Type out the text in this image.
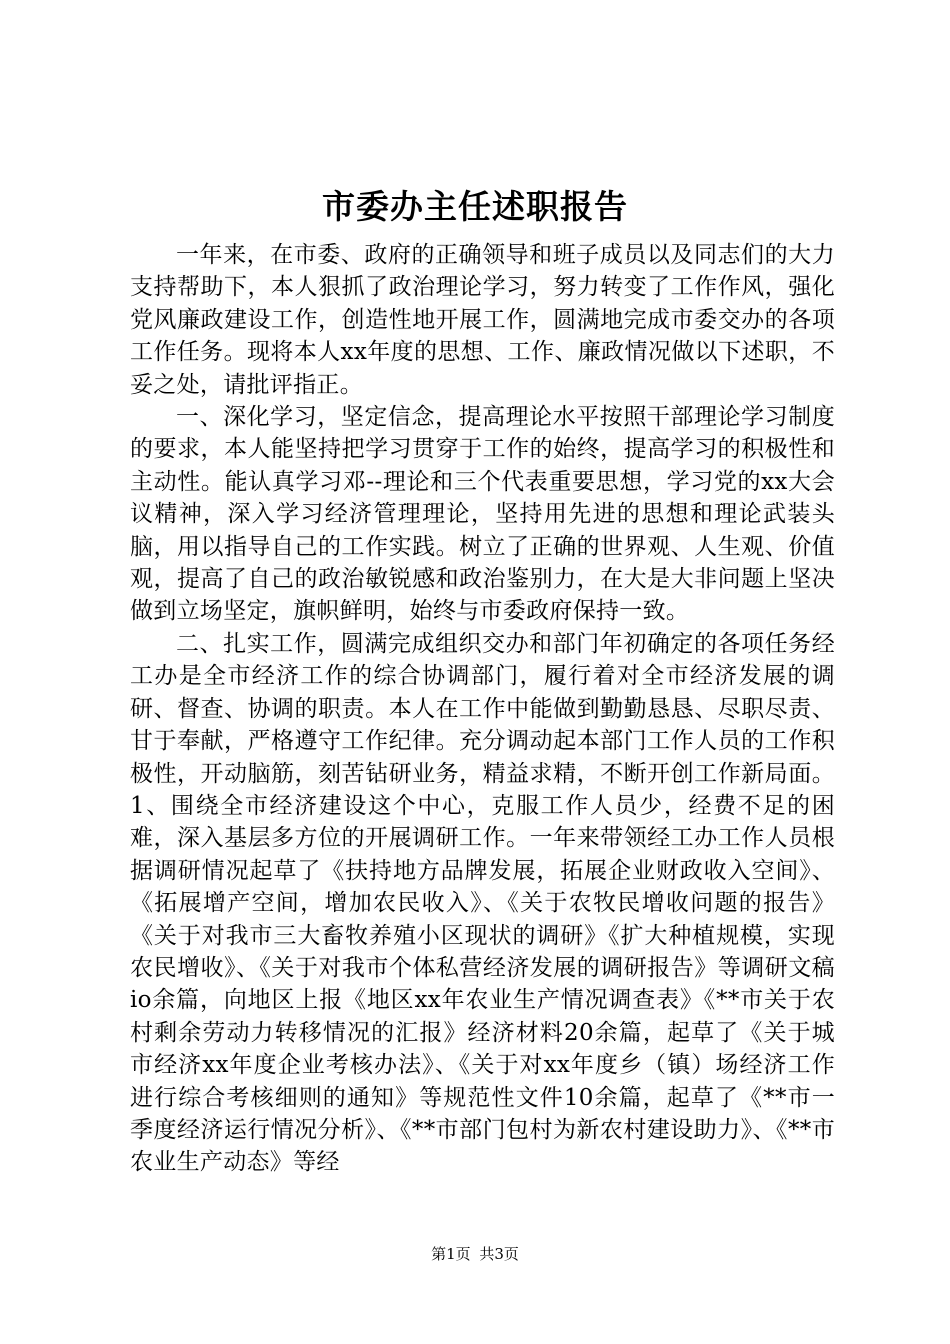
市委办主任述职报告

一年来，在市委、政府的正确领导和班子成员以及同志们的大力支持帮助下，本人狠抓了政治理论学习，努力转变了工作作风，强化党风廉政建设工作，创造性地开展工作，圆满地完成市委交办的各项工作任务。现将本人xx年度的思想、工作、廉政情况做以下述职，不妥之处，请批评指正。

一、深化学习，坚定信念，提高理论水平按照干部理论学习制度的要求，本人能坚持把学习贯穿于工作的始终，提高学习的积极性和主动性。能认真学习邓--理论和三个代表重要思想，学习党的xx大会议精神，深入学习经济管理理论，坚持用先进的思想和理论武装头脑，用以指导自己的工作实践。树立了正确的世界观、人生观、价值观，提高了自己的政治敏锐感和政治鉴别力，在大是大非问题上坚决做到立场坚定，旗帜鲜明，始终与市委政府保持一致。

二、扎实工作，圆满完成组织交办和部门年初确定的各项任务经工办是全市经济工作的综合协调部门，履行着对全市经济发展的调研、督查、协调的职责。本人在工作中能做到勤勤恳恳、尽职尽责、甘于奉献，严格遵守工作纪律。充分调动起本部门工作人员的工作积极性，开动脑筋，刻苦钻研业务，精益求精，不断开创工作新局面。1、围绕全市经济建设这个中心，克服工作人员少，经费不足的困难，深入基层多方位的开展调研工作。一年来带领经工办工作人员根据调研情况起草了《扶持地方品牌发展，拓展企业财政收入空间》、《拓展增产空间，增加农民收入》、《关于农牧民增收问题的报告》《关于对我市三大畜牧养殖小区现状的调研》《扩大种植规模，实现农民增收》、《关于对我市个体私营经济发展的调研报告》等调研文稿io余篇，向地区上报《地区xx年农业生产情况调查表》《**市关于农村剩余劳动力转移情况的汇报》经济材料20余篇，起草了《关于城市经济xx年度企业考核办法》、《关于对xx年度乡（镇）场经济工作进行综合考核细则的通知》等规范性文件10余篇，起草了《**市一季度经济运行情况分析》、《**市部门包村为新农村建设助力》、《**市农业生产动态》等经

第1页 共3页
